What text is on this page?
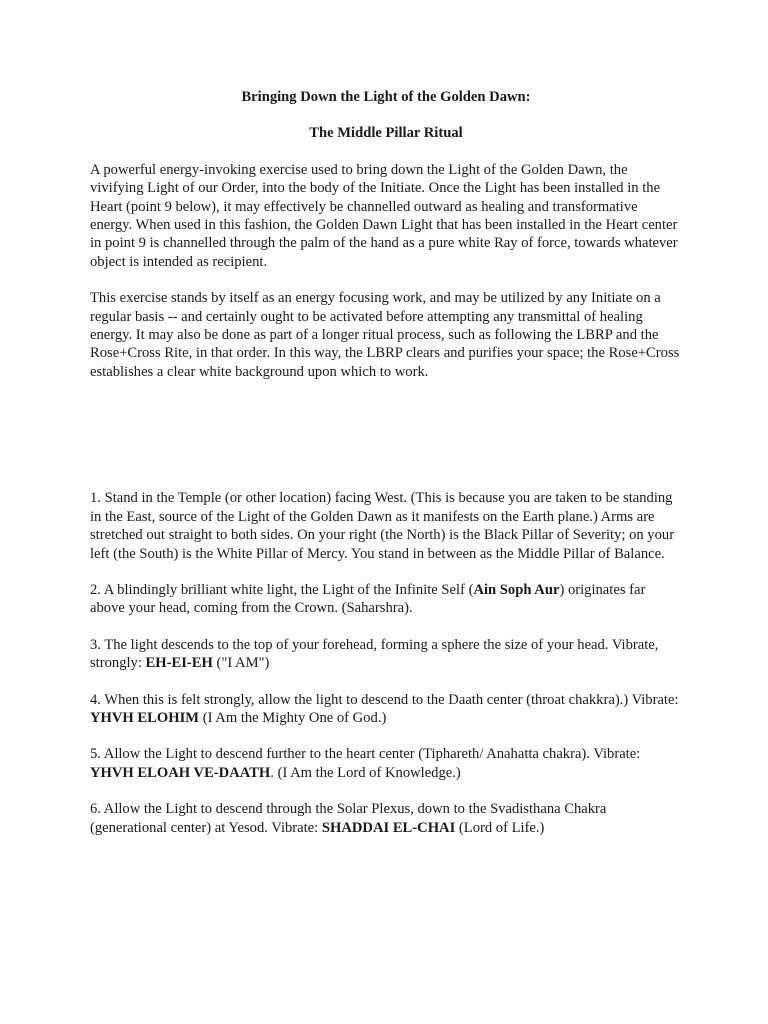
Bringing Down the Light of the Golden Dawn:

The Middle Pillar Ritual

A powerful energy-invoking exercise used to bring down the Light of the Golden Dawn, the vivifying Light of our Order, into the body of the Initiate. Once the Light has been installed in the Heart (point 9 below), it may effectively be channelled outward as healing and transformative energy. When used in this fashion, the Golden Dawn Light that has been installed in the Heart center in point 9 is channelled through the palm of the hand as a pure white Ray of force, towards whatever object is intended as recipient.

This exercise stands by itself as an energy focusing work, and may be utilized by any Initiate on a regular basis -- and certainly ought to be activated before attempting any transmittal of healing energy. It may also be done as part of a longer ritual process, such as following the LBRP and the Rose+Cross Rite, in that order. In this way, the LBRP clears and purifies your space; the Rose+Cross establishes a clear white background upon which to work.

1. Stand in the Temple (or other location) facing West. (This is because you are taken to be standing in the East, source of the Light of the Golden Dawn as it manifests on the Earth plane.) Arms are stretched out straight to both sides. On your right (the North) is the Black Pillar of Severity; on your left (the South) is the White Pillar of Mercy. You stand in between as the Middle Pillar of Balance.

2. A blindingly brilliant white light, the Light of the Infinite Self (Ain Soph Aur) originates far above your head, coming from the Crown. (Saharshra).

3. The light descends to the top of your forehead, forming a sphere the size of your head. Vibrate, strongly: EH-EI-EH ("I AM")

4. When this is felt strongly, allow the light to descend to the Daath center (throat chakkra).) Vibrate: YHVH ELOHIM (I Am the Mighty One of God.)

5. Allow the Light to descend further to the heart center (Tiphareth/ Anahatta chakra). Vibrate: YHVH ELOAH VE-DAATH. (I Am the Lord of Knowledge.)

6. Allow the Light to descend through the Solar Plexus, down to the Svadisthana Chakra (generational center) at Yesod. Vibrate: SHADDAI EL-CHAI (Lord of Life.)
